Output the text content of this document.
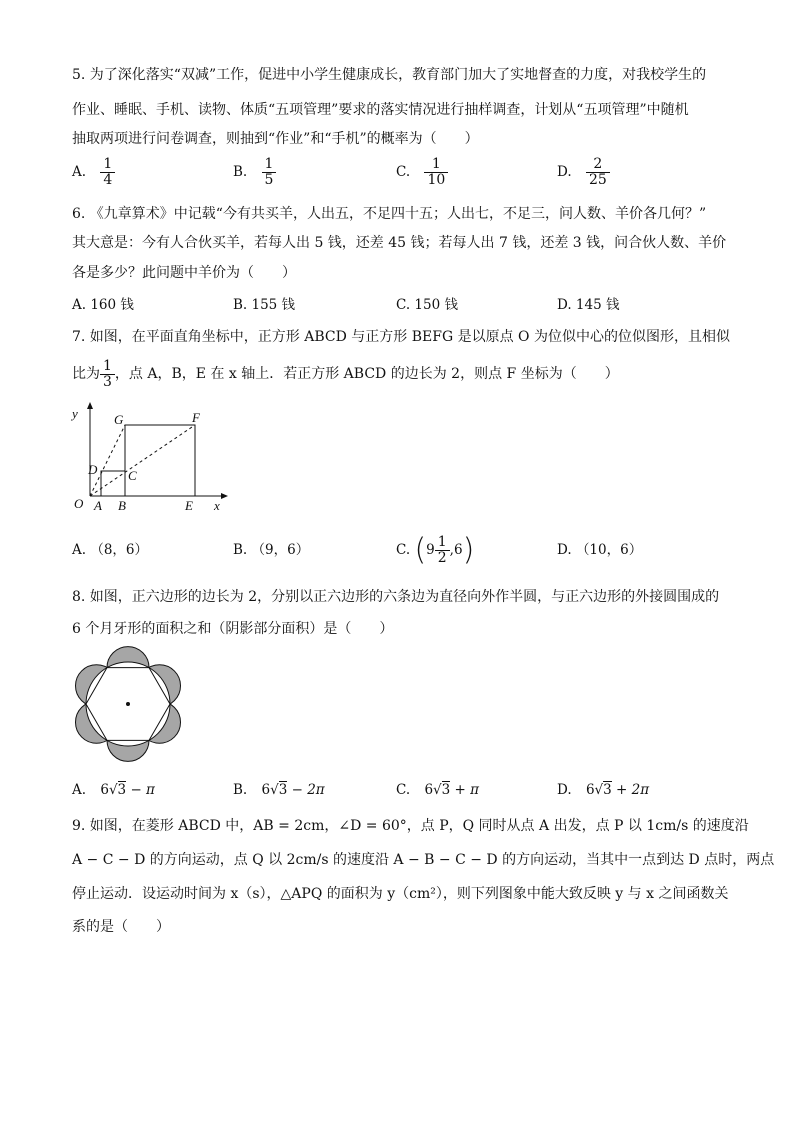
5. 为了深化落实“双减”工作，促进中小学生健康成长，教育部门加大了实地督查的力度，对我校学生的
作业、睡眠、手机、读物、体质“五项管理”要求的落实情况进行抽样调查，计划从“五项管理”中随机
抽取两项进行问卷调查，则抽到“作业”和“手机”的概率为（　　）
A. $\frac{1}{4}$	B. $\frac{1}{5}$	C. $\frac{1}{10}$	D. $\frac{2}{25}$
6. 《九章算术》中记载“今有共买羊，人出五，不足四十五；人出七，不足三，问人数、羊价各几何？”
其大意是：今有人合伙买羊，若每人出 5 钱，还差 45 钱；若每人出 7 钱，还差 3 钱，问合伙人数、羊价
各是多少？此问题中羊价为（　　）
A. 160 钱	B. 155 钱	C. 150 钱	D. 145 钱
7. 如图，在平面直角坐标中，正方形 ABCD 与正方形 BEFG 是以原点 O 为位似中心的位似图形，且相似
比为 $\frac{1}{3}$ ，点 A，B，E 在 x 轴上．若正方形 ABCD 的边长为 2，则点 F 坐标为（　　）
y
x
O A B	E
C
D
G	F
A. （8，6）	B. （9，6）	C. $(9 \frac{1}{2} ,6)$	D. （10，6）
8. 如图，正六边形的边长为 2，分别以正六边形的六条边为直径向外作半圆，与正六边形的外接圆围成的
6 个月牙形的面积之和（阴影部分面积）是（　　）
A. 6√3 − π	B. 6√3 − 2π	C. 6√3 + π	D. 6√3 + 2π
9. 如图，在菱形 ABCD 中，AB = 2cm，∠D = 60°，点 P，Q 同时从点 A 出发，点 P 以 1cm/s 的速度沿
A − C − D 的方向运动，点 Q 以 2cm/s 的速度沿 A − B − C − D 的方向运动，当其中一点到达 D 点时，两点
停止运动．设运动时间为 x（s），△APQ 的面积为 y（cm²），则下列图象中能大致反映 y 与 x 之间函数关
系的是（　　）
